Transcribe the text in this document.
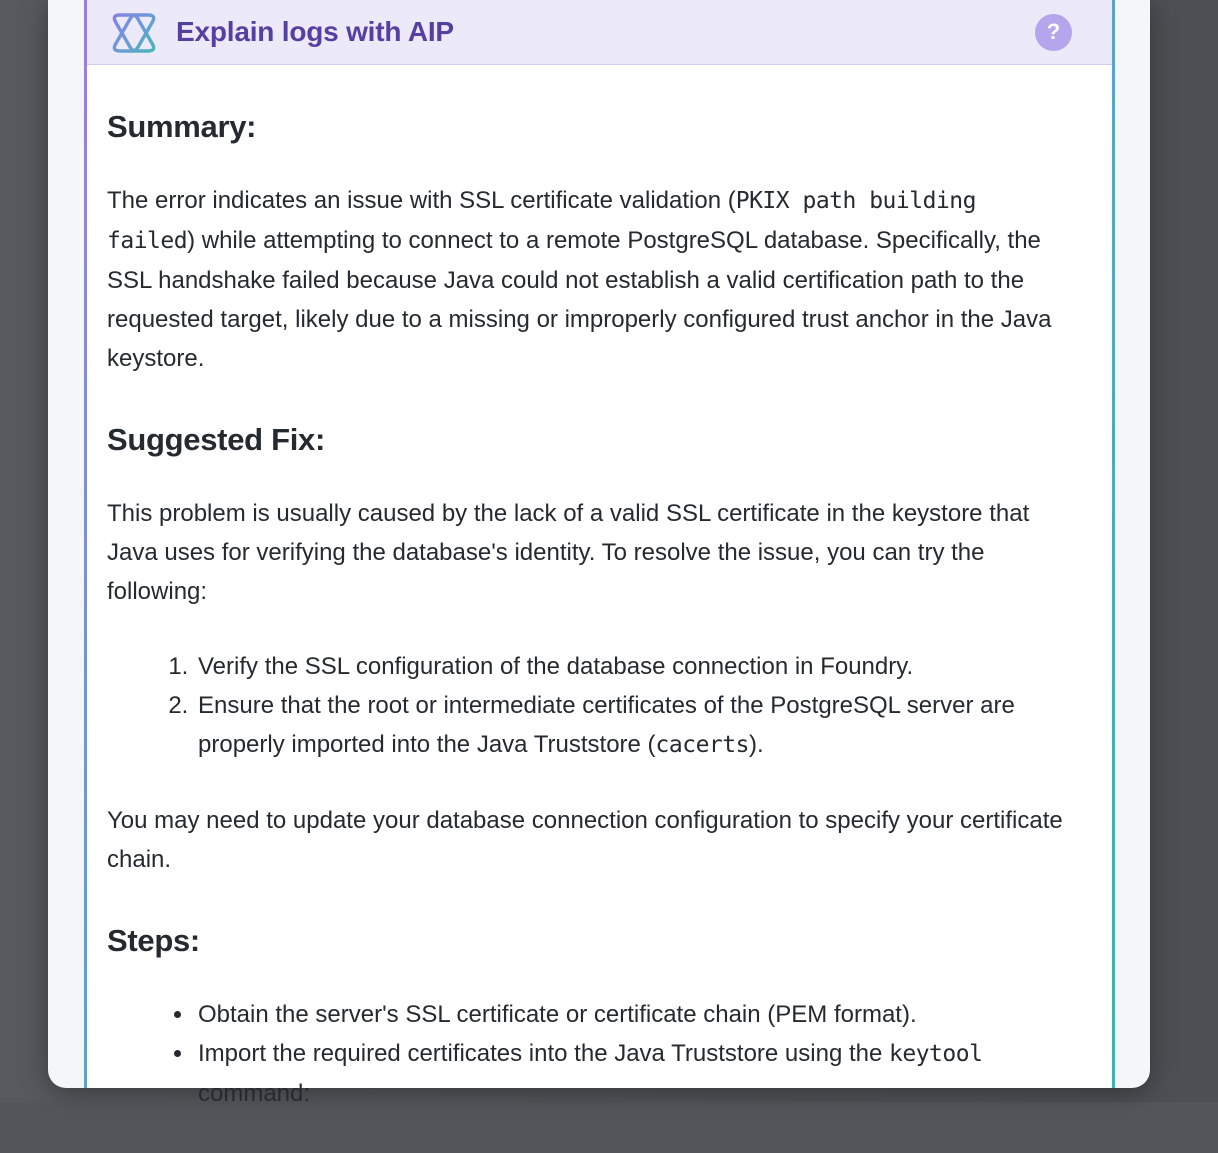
Explain logs with AIP	?
Summary:

The error indicates an issue with SSL certificate validation (PKIX path building failed) while attempting to connect to a remote PostgreSQL database. Specifically, the SSL handshake failed because Java could not establish a valid certification path to the requested target, likely due to a missing or improperly configured trust anchor in the Java keystore.

Suggested Fix:

This problem is usually caused by the lack of a valid SSL certificate in the keystore that Java uses for verifying the database's identity. To resolve the issue, you can try the following:

1. Verify the SSL configuration of the database connection in Foundry.
2. Ensure that the root or intermediate certificates of the PostgreSQL server are properly imported into the Java Truststore (cacerts).

You may need to update your database connection configuration to specify your certificate chain.

Steps:
• Obtain the server's SSL certificate or certificate chain (PEM format).
• Import the required certificates into the Java Truststore using the keytool command:
